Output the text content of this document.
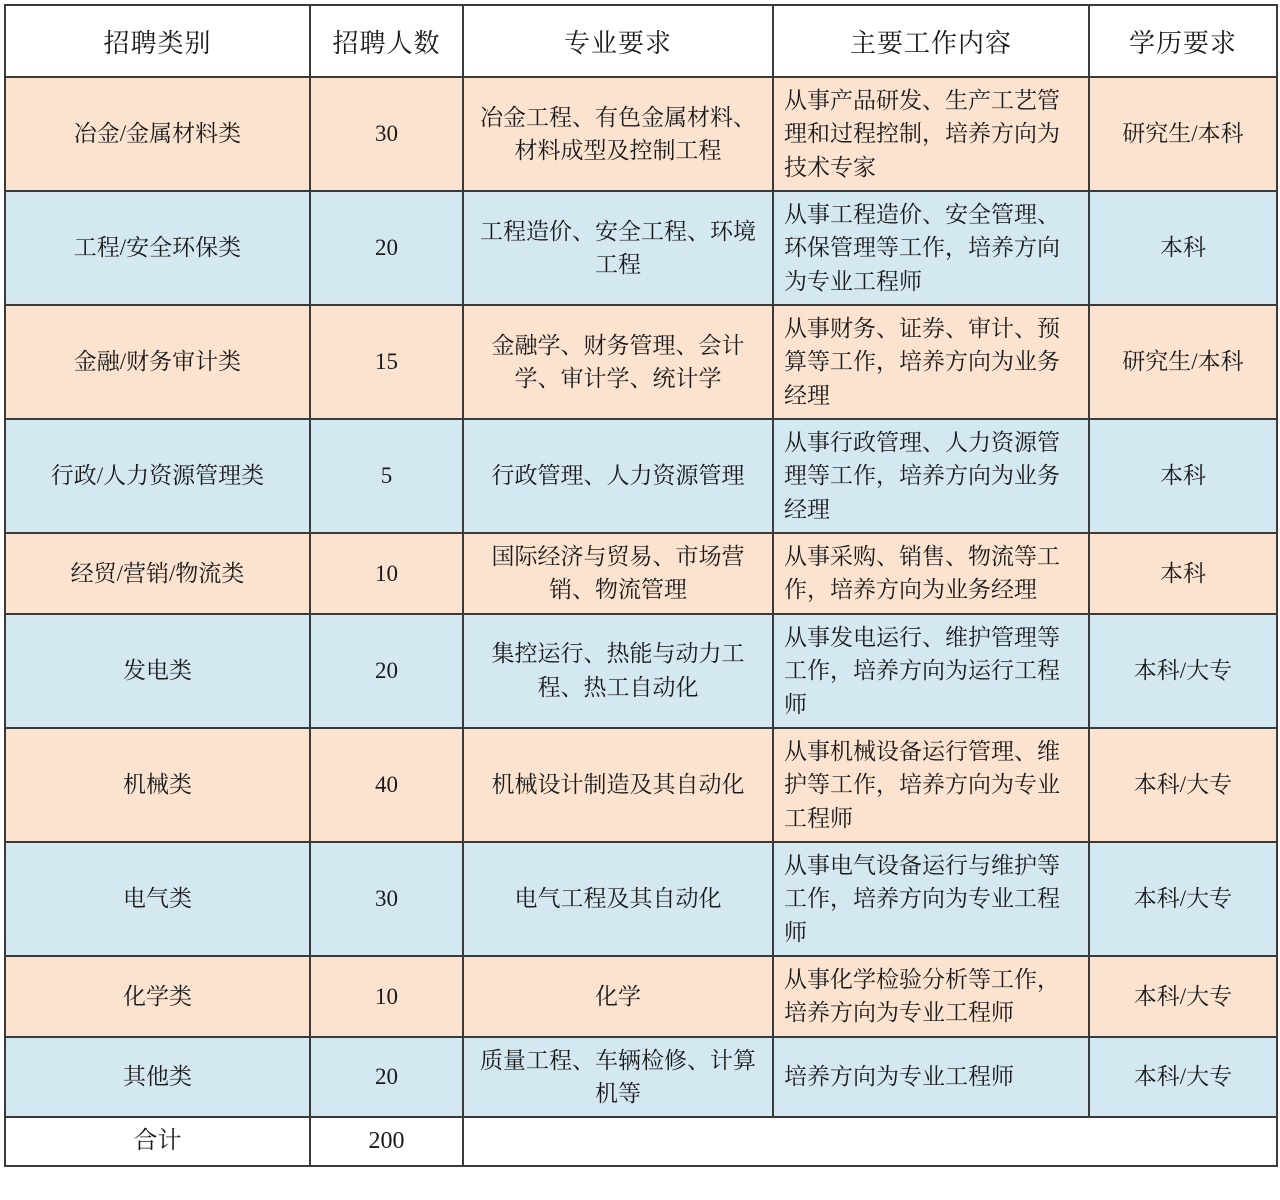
招聘类别	招聘人数	专业要求	主要工作内容	学历要求
冶金/金属材料类	30	冶金工程、有色金属材料、材料成型及控制工程	从事产品研发、生产工艺管理和过程控制，培养方向为技术专家	研究生/本科
工程/安全环保类	20	工程造价、安全工程、环境工程	从事工程造价、安全管理、环保管理等工作，培养方向为专业工程师	本科
金融/财务审计类	15	金融学、财务管理、会计学、审计学、统计学	从事财务、证券、审计、预算等工作，培养方向为业务经理	研究生/本科
行政/人力资源管理类	5	行政管理、人力资源管理	从事行政管理、人力资源管理等工作，培养方向为业务经理	本科
经贸/营销/物流类	10	国际经济与贸易、市场营销、物流管理	从事采购、销售、物流等工作，培养方向为业务经理	本科
发电类	20	集控运行、热能与动力工程、热工自动化	从事发电运行、维护管理等工作，培养方向为运行工程师	本科/大专
机械类	40	机械设计制造及其自动化	从事机械设备运行管理、维护等工作，培养方向为专业工程师	本科/大专
电气类	30	电气工程及其自动化	从事电气设备运行与维护等工作，培养方向为专业工程师	本科/大专
化学类	10	化学	从事化学检验分析等工作，培养方向为专业工程师	本科/大专
其他类	20	质量工程、车辆检修、计算机等	培养方向为专业工程师	本科/大专
合计	200			
